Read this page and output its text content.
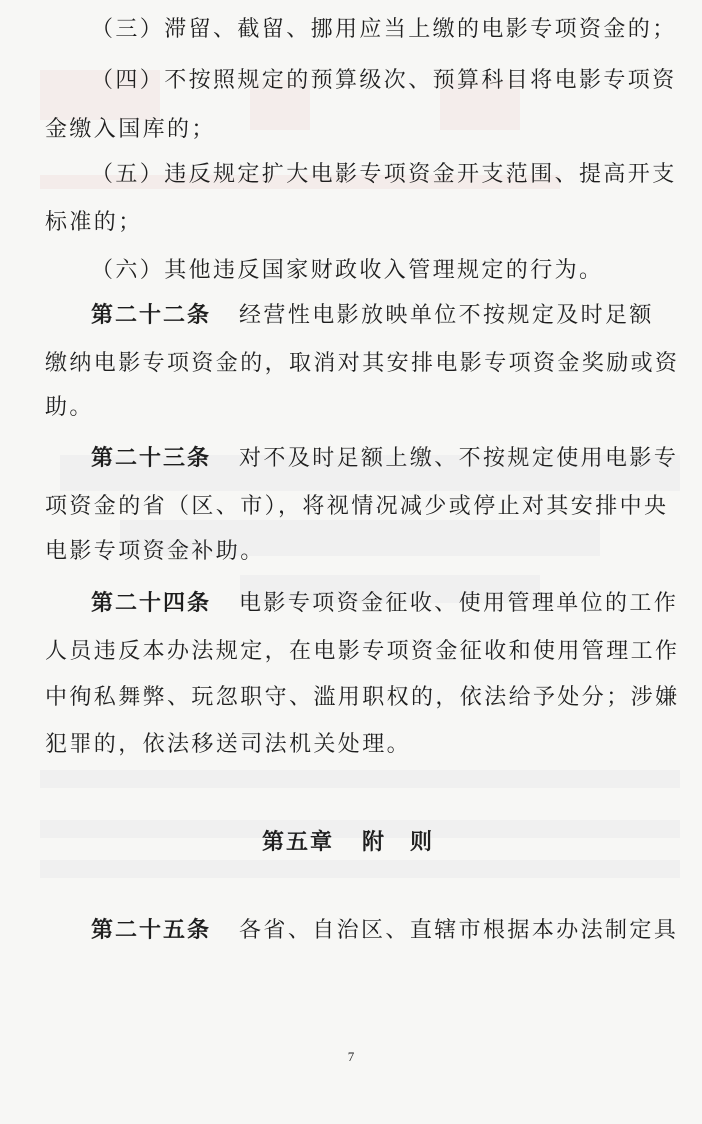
（三）滞留、截留、挪用应当上缴的电影专项资金的；
（四）不按照规定的预算级次、预算科目将电影专项资
金缴入国库的；
（五）违反规定扩大电影专项资金开支范围、提高开支
标准的；
（六）其他违反国家财政收入管理规定的行为。
第二十二条 经营性电影放映单位不按规定及时足额
缴纳电影专项资金的，取消对其安排电影专项资金奖励或资
助。
第二十三条 对不及时足额上缴、不按规定使用电影专
项资金的省（区、市），将视情况减少或停止对其安排中央
电影专项资金补助。
第二十四条 电影专项资金征收、使用管理单位的工作
人员违反本办法规定，在电影专项资金征收和使用管理工作
中徇私舞弊、玩忽职守、滥用职权的，依法给予处分；涉嫌
犯罪的，依法移送司法机关处理。
第五章 附　则
第二十五条 各省、自治区、直辖市根据本办法制定具
7
